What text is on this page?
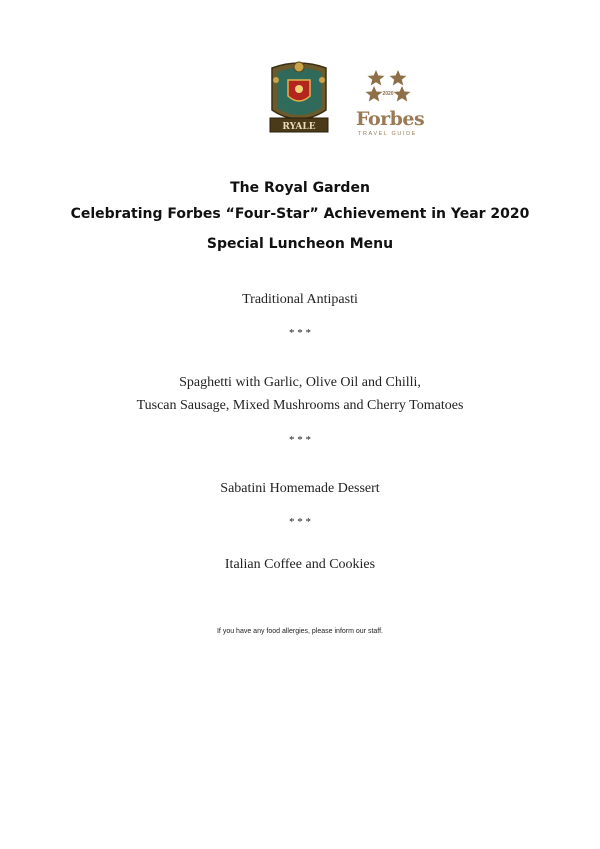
RYALE
2020
Forbes
TRAVEL GUIDE
The Royal Garden
Celebrating Forbes “Four-Star” Achievement in Year 2020
Special Luncheon Menu
Traditional Antipasti
* * *
Spaghetti with Garlic, Olive Oil and Chilli,
Tuscan Sausage, Mixed Mushrooms and Cherry Tomatoes
* * *
Sabatini Homemade Dessert
* * *
Italian Coffee and Cookies
If you have any food allergies, please inform our staff.
